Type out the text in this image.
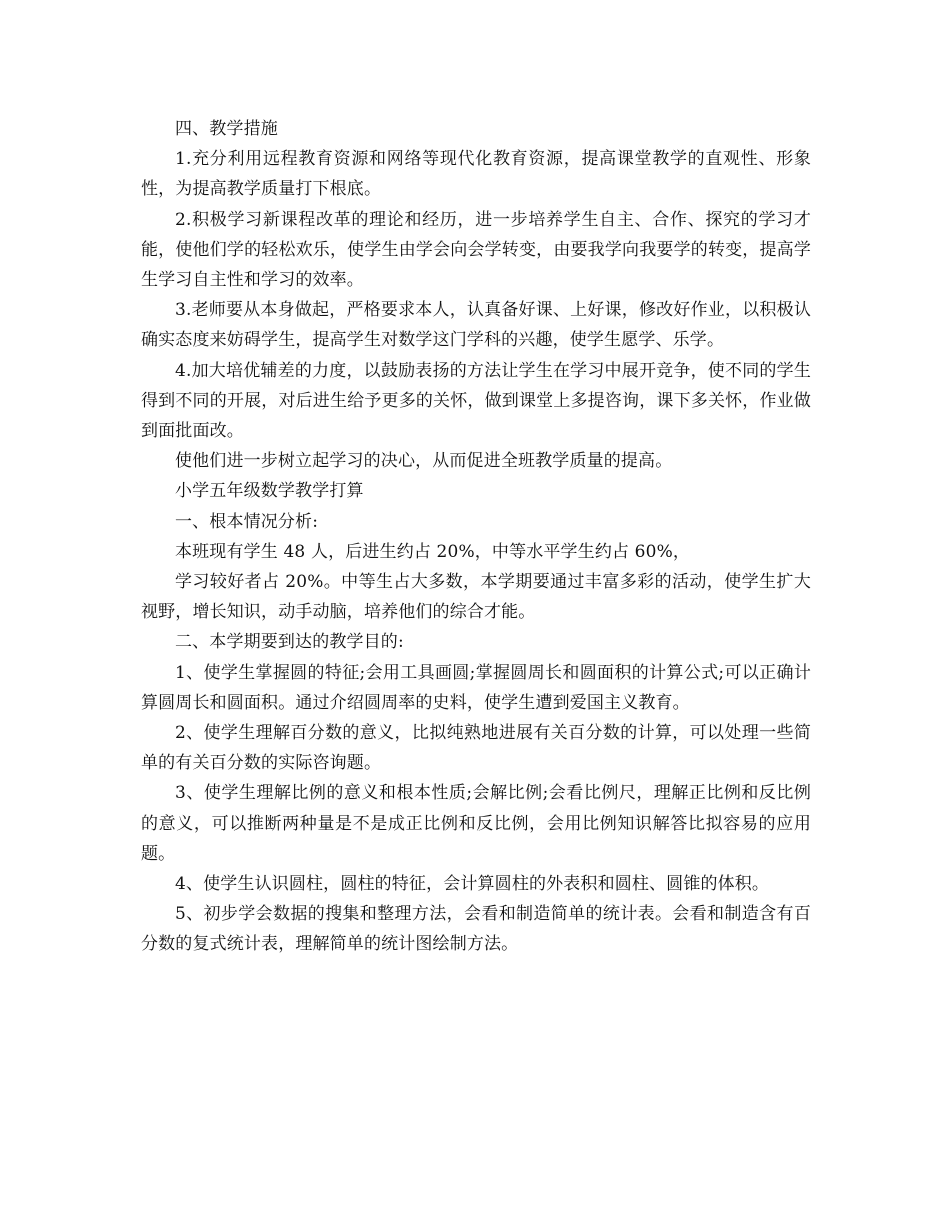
四、教学措施

1.充分利用远程教育资源和网络等现代化教育资源，提高课堂教学的直观性、形象性，为提高教学质量打下根底。

2.积极学习新课程改革的理论和经历，进一步培养学生自主、合作、探究的学习才能，使他们学的轻松欢乐，使学生由学会向会学转变，由要我学向我要学的转变，提高学生学习自主性和学习的效率。

3.老师要从本身做起，严格要求本人，认真备好课、上好课，修改好作业，以积极认确实态度来妨碍学生，提高学生对数学这门学科的兴趣，使学生愿学、乐学。

4.加大培优辅差的力度，以鼓励表扬的方法让学生在学习中展开竞争，使不同的学生得到不同的开展，对后进生给予更多的关怀，做到课堂上多提咨询，课下多关怀，作业做到面批面改。

使他们进一步树立起学习的决心，从而促进全班教学质量的提高。

小学五年级数学教学打算

一、根本情况分析:

本班现有学生 48 人，后进生约占 20%，中等水平学生约占 60%，

学习较好者占 20%。中等生占大多数，本学期要通过丰富多彩的活动，使学生扩大视野，增长知识，动手动脑，培养他们的综合才能。

二、本学期要到达的教学目的:

1、使学生掌握圆的特征;会用工具画圆;掌握圆周长和圆面积的计算公式;可以正确计算圆周长和圆面积。通过介绍圆周率的史料，使学生遭到爱国主义教育。

2、使学生理解百分数的意义，比拟纯熟地进展有关百分数的计算，可以处理一些简单的有关百分数的实际咨询题。

3、使学生理解比例的意义和根本性质;会解比例;会看比例尺，理解正比例和反比例的意义，可以推断两种量是不是成正比例和反比例，会用比例知识解答比拟容易的应用题。

4、使学生认识圆柱，圆柱的特征，会计算圆柱的外表积和圆柱、圆锥的体积。

5、初步学会数据的搜集和整理方法，会看和制造简单的统计表。会看和制造含有百分数的复式统计表，理解简单的统计图绘制方法。
